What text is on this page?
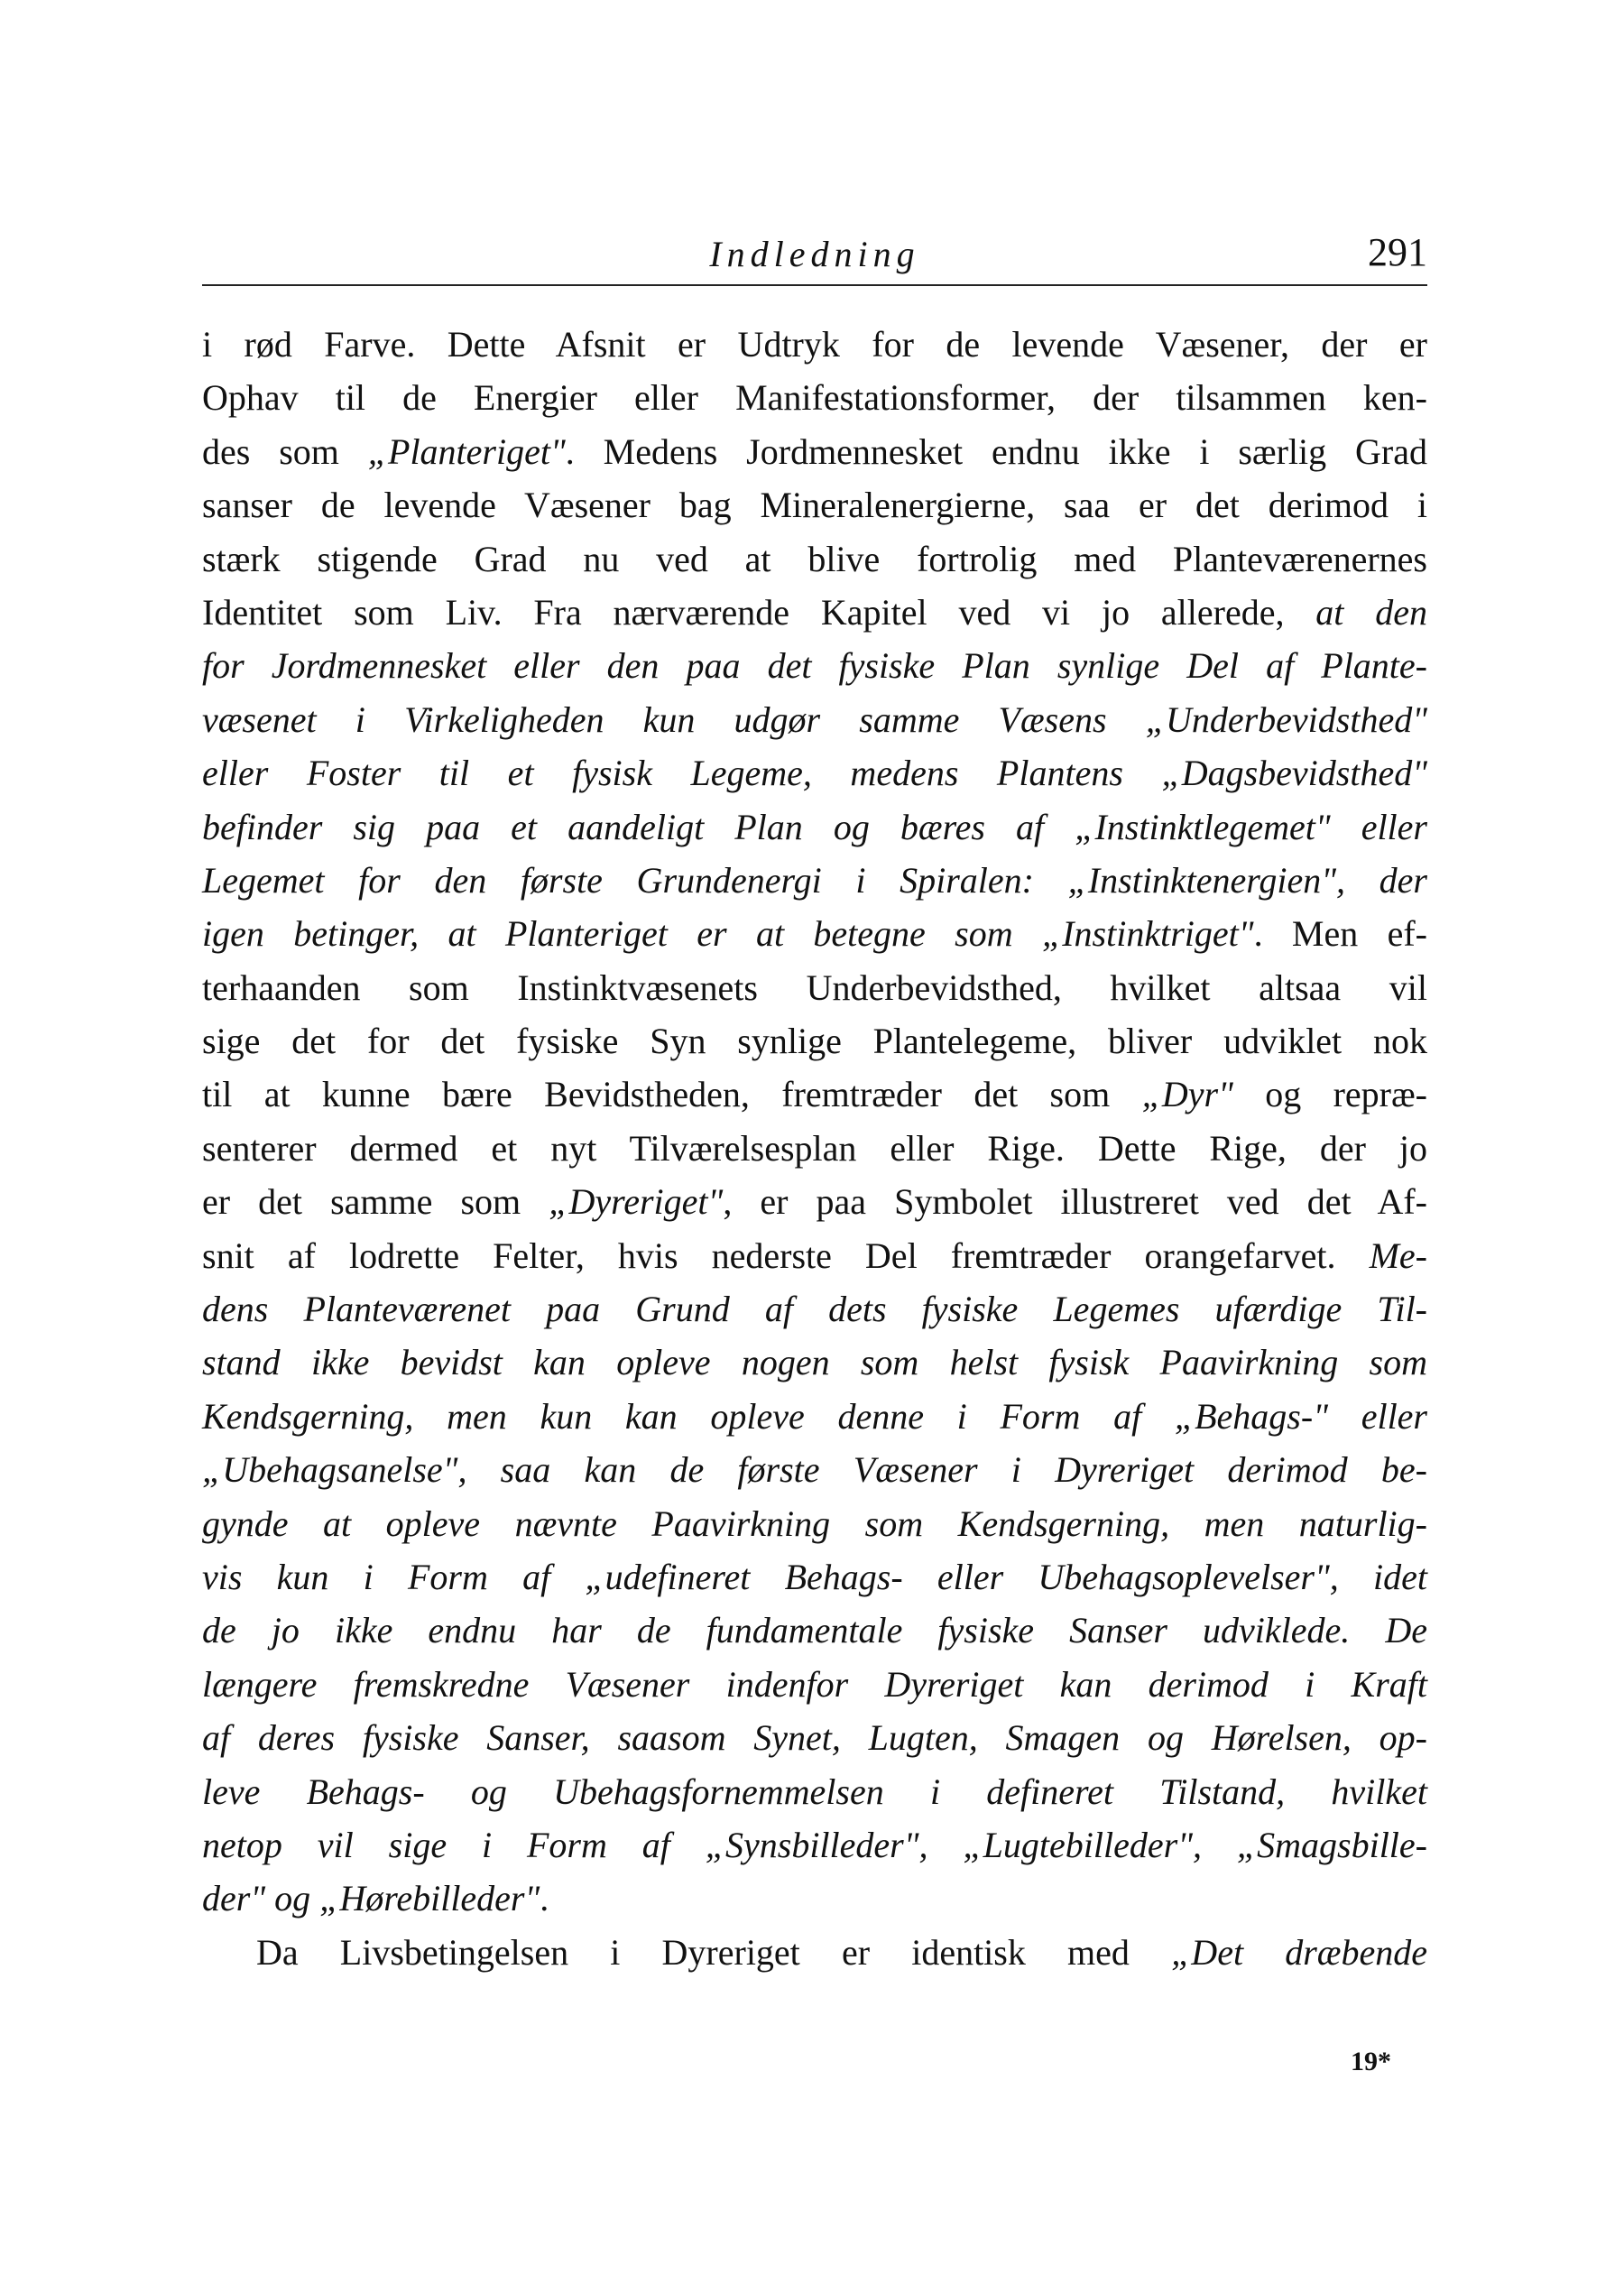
Indledning	291
i rød Farve. Dette Afsnit er Udtryk for de levende Væsener, der er
Ophav til de Energier eller Manifestationsformer, der tilsammen ken-
des som „Planteriget". Medens Jordmennesket endnu ikke i særlig Grad
sanser de levende Væsener bag Mineralenergierne, saa er det derimod i
stærk stigende Grad nu ved at blive fortrolig med Planteværenernes
Identitet som Liv. Fra nærværende Kapitel ved vi jo allerede, at den
for Jordmennesket eller den paa det fysiske Plan synlige Del af Plante-
væsenet i Virkeligheden kun udgør samme Væsens „Underbevidsthed"
eller Foster til et fysisk Legeme, medens Plantens „Dagsbevidsthed"
befinder sig paa et aandeligt Plan og bæres af „Instinktlegemet" eller
Legemet for den første Grundenergi i Spiralen: „Instinktenergien", der
igen betinger, at Planteriget er at betegne som „Instinktriget". Men ef-
terhaanden som Instinktvæsenets Underbevidsthed, hvilket altsaa vil
sige det for det fysiske Syn synlige Plantelegeme, bliver udviklet nok
til at kunne bære Bevidstheden, fremtræder det som „Dyr" og repræ-
senterer dermed et nyt Tilværelsesplan eller Rige. Dette Rige, der jo
er det samme som „Dyreriget", er paa Symbolet illustreret ved det Af-
snit af lodrette Felter, hvis nederste Del fremtræder orangefarvet. Me-
dens Planteværenet paa Grund af dets fysiske Legemes ufærdige Til-
stand ikke bevidst kan opleve nogen som helst fysisk Paavirkning som
Kendsgerning, men kun kan opleve denne i Form af „Behags-" eller
„Ubehagsanelse", saa kan de første Væsener i Dyreriget derimod be-
gynde at opleve nævnte Paavirkning som Kendsgerning, men naturlig-
vis kun i Form af „udefineret Behags- eller Ubehagsoplevelser", idet
de jo ikke endnu har de fundamentale fysiske Sanser udviklede. De
længere fremskredne Væsener indenfor Dyreriget kan derimod i Kraft
af deres fysiske Sanser, saasom Synet, Lugten, Smagen og Hørelsen, op-
leve Behags- og Ubehagsfornemmelsen i defineret Tilstand, hvilket
netop vil sige i Form af „Synsbilleder", „Lugtebilleder", „Smagsbille-
der" og „Hørebilleder".
Da Livsbetingelsen i Dyreriget er identisk med „Det dræbende
19*
